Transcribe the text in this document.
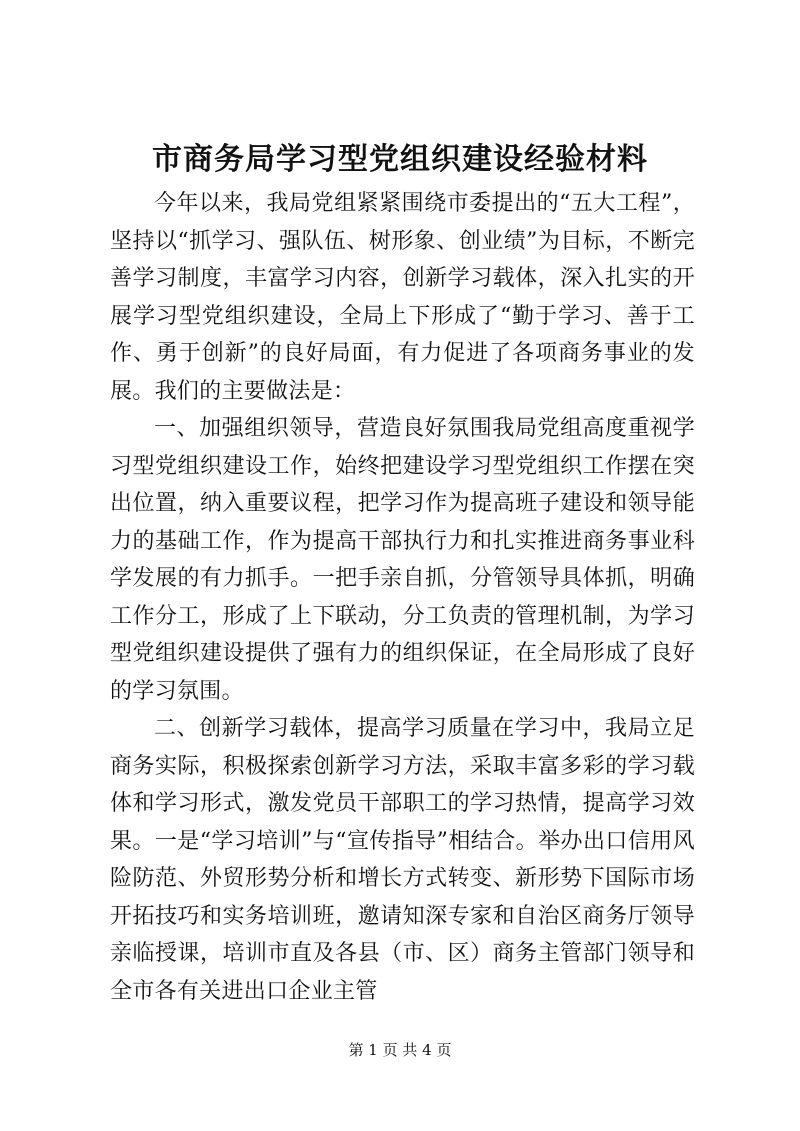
市商务局学习型党组织建设经验材料

今年以来，我局党组紧紧围绕市委提出的“五大工程”，坚持以“抓学习、强队伍、树形象、创业绩”为目标，不断完善学习制度，丰富学习内容，创新学习载体，深入扎实的开展学习型党组织建设，全局上下形成了“勤于学习、善于工作、勇于创新”的良好局面，有力促进了各项商务事业的发展。我们的主要做法是：

一、加强组织领导，营造良好氛围我局党组高度重视学习型党组织建设工作，始终把建设学习型党组织工作摆在突出位置，纳入重要议程，把学习作为提高班子建设和领导能力的基础工作，作为提高干部执行力和扎实推进商务事业科学发展的有力抓手。一把手亲自抓，分管领导具体抓，明确工作分工，形成了上下联动，分工负责的管理机制，为学习型党组织建设提供了强有力的组织保证，在全局形成了良好的学习氛围。

二、创新学习载体，提高学习质量在学习中，我局立足商务实际，积极探索创新学习方法，采取丰富多彩的学习载体和学习形式，激发党员干部职工的学习热情，提高学习效果。一是“学习培训”与“宣传指导”相结合。举办出口信用风险防范、外贸形势分析和增长方式转变、新形势下国际市场开拓技巧和实务培训班，邀请知深专家和自治区商务厅领导亲临授课，培训市直及各县（市、区）商务主管部门领导和全市各有关进出口企业主管

第 1 页 共 4 页
